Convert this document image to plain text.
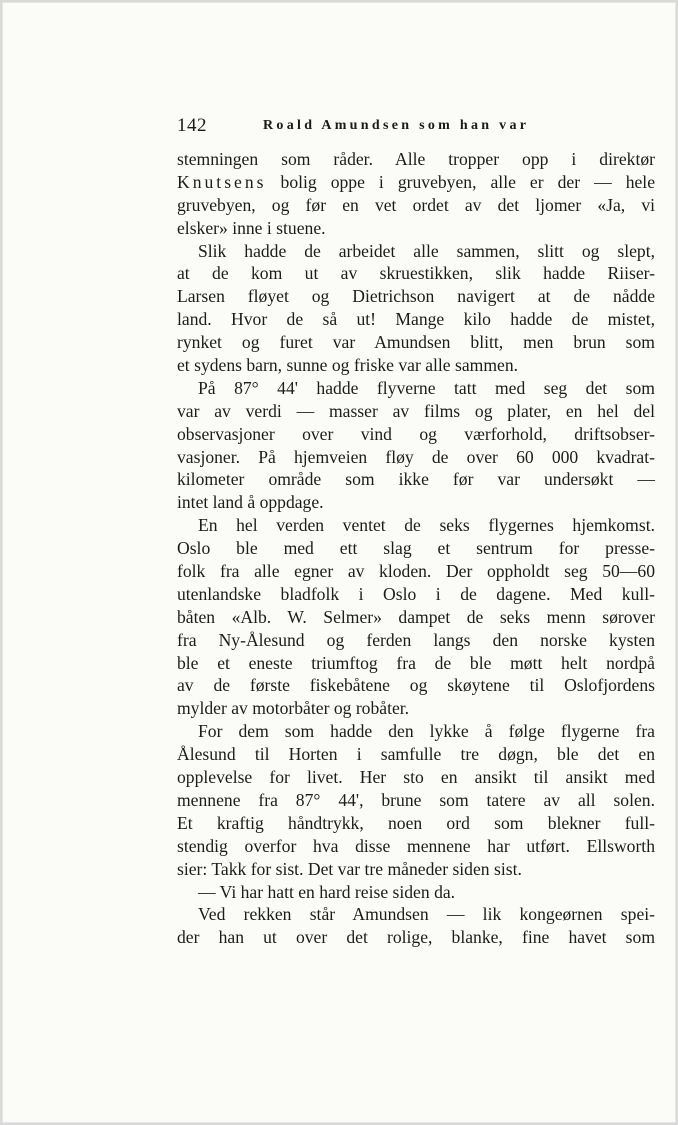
142	Roald Amundsen som han var
stemningen som råder. Alle tropper opp i direktør
Knutsens bolig oppe i gruvebyen, alle er der — hele
gruvebyen, og før en vet ordet av det ljomer «Ja, vi
elsker» inne i stuene.
Slik hadde de arbeidet alle sammen, slitt og slept,
at de kom ut av skruestikken, slik hadde Riiser-
Larsen fløyet og Dietrichson navigert at de nådde
land. Hvor de så ut! Mange kilo hadde de mistet,
rynket og furet var Amundsen blitt, men brun som
et sydens barn, sunne og friske var alle sammen.
På 87° 44' hadde flyverne tatt med seg det som
var av verdi — masser av films og plater, en hel del
observasjoner over vind og værforhold, driftsobser-
vasjoner. På hjemveien fløy de over 60 000 kvadrat-
kilometer område som ikke før var undersøkt —
intet land å oppdage.
En hel verden ventet de seks flygernes hjemkomst.
Oslo ble med ett slag et sentrum for presse-
folk fra alle egner av kloden. Der oppholdt seg 50—60
utenlandske bladfolk i Oslo i de dagene. Med kull-
båten «Alb. W. Selmer» dampet de seks menn sørover
fra Ny-Ålesund og ferden langs den norske kysten
ble et eneste triumftog fra de ble møtt helt nordpå
av de første fiskebåtene og skøytene til Oslofjordens
mylder av motorbåter og robåter.
For dem som hadde den lykke å følge flygerne fra
Ålesund til Horten i samfulle tre døgn, ble det en
opplevelse for livet. Her sto en ansikt til ansikt med
mennene fra 87° 44', brune som tatere av all solen.
Et kraftig håndtrykk, noen ord som blekner full-
stendig overfor hva disse mennene har utført. Ellsworth
sier: Takk for sist. Det var tre måneder siden sist.
— Vi har hatt en hard reise siden da.
Ved rekken står Amundsen — lik kongeørnen spei-
der han ut over det rolige, blanke, fine havet som
